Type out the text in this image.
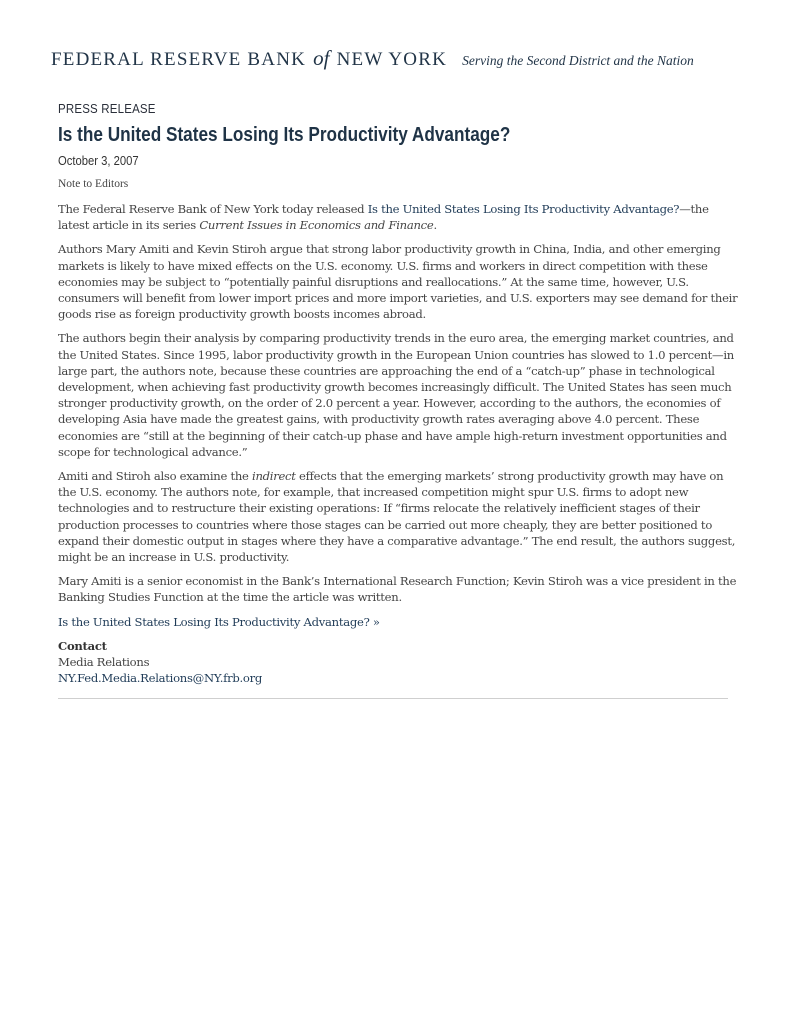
FEDERAL RESERVE BANK of NEW YORK Serving the Second District and the Nation
PRESS RELEASE
Is the United States Losing Its Productivity Advantage?
October 3, 2007
Note to Editors

The Federal Reserve Bank of New York today released Is the United States Losing Its Productivity Advantage?—the latest article in its series Current Issues in Economics and Finance.

Authors Mary Amiti and Kevin Stiroh argue that strong labor productivity growth in China, India, and other emerging markets is likely to have mixed effects on the U.S. economy. U.S. firms and workers in direct competition with these economies may be subject to “potentially painful disruptions and reallocations.” At the same time, however, U.S. consumers will benefit from lower import prices and more import varieties, and U.S. exporters may see demand for their goods rise as foreign productivity growth boosts incomes abroad.

The authors begin their analysis by comparing productivity trends in the euro area, the emerging market countries, and the United States. Since 1995, labor productivity growth in the European Union countries has slowed to 1.0 percent—in large part, the authors note, because these countries are approaching the end of a “catch-up” phase in technological development, when achieving fast productivity growth becomes increasingly difficult. The United States has seen much stronger productivity growth, on the order of 2.0 percent a year. However, according to the authors, the economies of developing Asia have made the greatest gains, with productivity growth rates averaging above 4.0 percent. These economies are “still at the beginning of their catch-up phase and have ample high-return investment opportunities and scope for technological advance.”

Amiti and Stiroh also examine the indirect effects that the emerging markets’ strong productivity growth may have on the U.S. economy. The authors note, for example, that increased competition might spur U.S. firms to adopt new technologies and to restructure their existing operations: If “firms relocate the relatively inefficient stages of their production processes to countries where those stages can be carried out more cheaply, they are better positioned to expand their domestic output in stages where they have a comparative advantage.” The end result, the authors suggest, might be an increase in U.S. productivity.

Mary Amiti is a senior economist in the Bank’s International Research Function; Kevin Stiroh was a vice president in the Banking Studies Function at the time the article was written.

Is the United States Losing Its Productivity Advantage? »

Contact
Media Relations
NY.Fed.Media.Relations@NY.frb.org
